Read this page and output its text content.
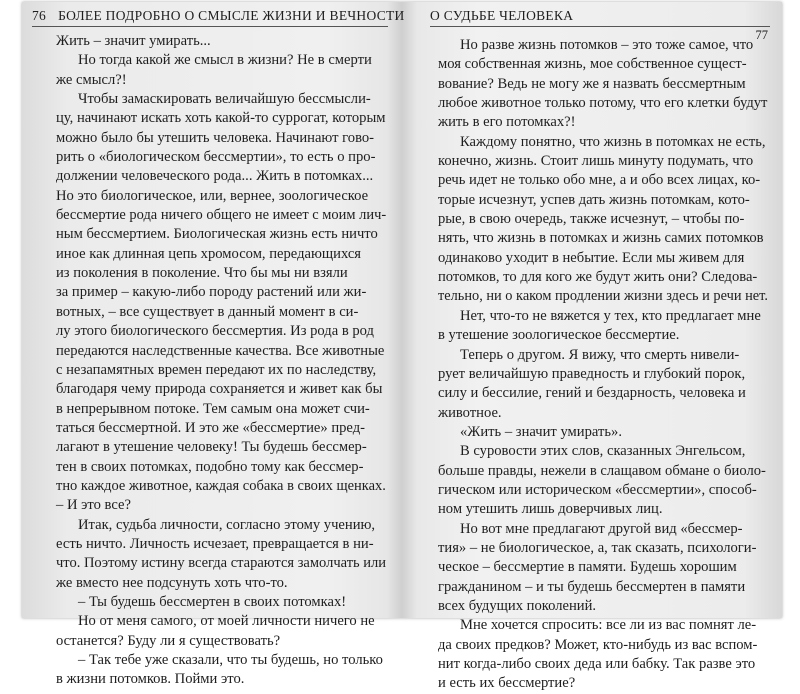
76 БОЛЕЕ ПОДРОБНО О СМЫСЛЕ ЖИЗНИ И ВЕЧНОСТИ
Жить – значит умирать...
Но тогда какой же смысл в жизни? Не в смерти
же смысл?!
Чтобы замаскировать величайшую бессмысли-
цу, начинают искать хоть какой-то суррогат, которым
можно было бы утешить человека. Начинают гово-
рить о «биологическом бессмертии», то есть о про-
должении человеческого рода... Жить в потомках...
Но это биологическое, или, вернее, зоологическое
бессмертие рода ничего общего не имеет с моим лич-
ным бессмертием. Биологическая жизнь есть ничто
иное как длинная цепь хромосом, передающихся
из поколения в поколение. Что бы мы ни взяли
за пример – какую-либо породу растений или жи-
вотных, – все существует в данный момент в си-
лу этого биологического бессмертия. Из рода в род
передаются наследственные качества. Все животные
с незапамятных времен передают их по наследству,
благодаря чему природа сохраняется и живет как бы
в непрерывном потоке. Тем самым она может счи-
таться бессмертной. И это же «бессмертие» пред-
лагают в утешение человеку! Ты будешь бессмер-
тен в своих потомках, подобно тому как бессмер-
тно каждое животное, каждая собака в своих щенках.
– И это все?
Итак, судьба личности, согласно этому учению,
есть ничто. Личность исчезает, превращается в ни-
что. Поэтому истину всегда стараются замолчать или
же вместо нее подсунуть хоть что-то.
– Ты будешь бессмертен в своих потомках!
Но от меня самого, от моей личности ничего не
останется? Буду ли я существовать?
– Так тебе уже сказали, что ты будешь, но только
в жизни потомков. Пойми это.
О СУДЬБЕ ЧЕЛОВЕКА
77
Но разве жизнь потомков – это тоже самое, что
моя собственная жизнь, мое собственное сущест-
вование? Ведь не могу же я назвать бессмертным
любое животное только потому, что его клетки будут
жить в его потомках?!
Каждому понятно, что жизнь в потомках не есть,
конечно, жизнь. Стоит лишь минуту подумать, что
речь идет не только обо мне, а и обо всех лицах, ко-
торые исчезнут, успев дать жизнь потомкам, кото-
рые, в свою очередь, также исчезнут, – чтобы по-
нять, что жизнь в потомках и жизнь самих потомков
одинаково уходит в небытие. Если мы живем для
потомков, то для кого же будут жить они? Следова-
тельно, ни о каком продлении жизни здесь и речи нет.
Нет, что-то не вяжется у тех, кто предлагает мне
в утешение зоологическое бессмертие.
Теперь о другом. Я вижу, что смерть нивели-
рует величайшую праведность и глубокий порок,
силу и бессилие, гений и бездарность, человека и
животное.
«Жить – значит умирать».
В суровости этих слов, сказанных Энгельсом,
больше правды, нежели в слащавом обмане о биоло-
гическом или историческом «бессмертии», способ-
ном утешить лишь доверчивых лиц.
Но вот мне предлагают другой вид «бессмер-
тия» – не биологическое, а, так сказать, психологи-
ческое – бессмертие в памяти. Будешь хорошим
гражданином – и ты будешь бессмертен в памяти
всех будущих поколений.
Мне хочется спросить: все ли из вас помнят ле-
да своих предков? Может, кто-нибудь из вас вспом-
нит когда-либо своих деда или бабку. Так разве это
и есть их бессмертие?
